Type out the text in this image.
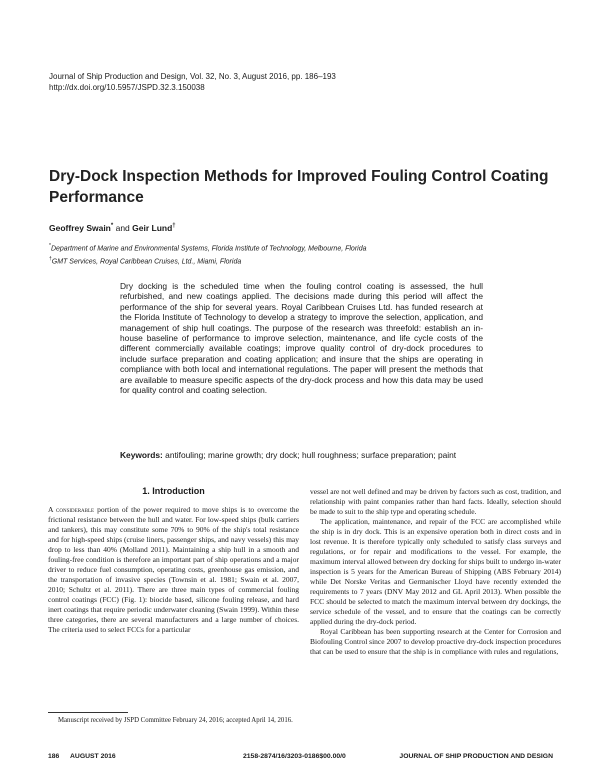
Journal of Ship Production and Design, Vol. 32, No. 3, August 2016, pp. 186–193
http://dx.doi.org/10.5957/JSPD.32.3.150038
Dry-Dock Inspection Methods for Improved Fouling Control Coating Performance
Geoffrey Swain* and Geir Lund†
*Department of Marine and Environmental Systems, Florida Institute of Technology, Melbourne, Florida
†GMT Services, Royal Caribbean Cruises, Ltd., Miami, Florida

Dry docking is the scheduled time when the fouling control coating is assessed, the hull refurbished, and new coatings applied. The decisions made during this period will affect the performance of the ship for several years. Royal Caribbean Cruises Ltd. has funded research at the Florida Institute of Technology to develop a strategy to improve the selection, application, and management of ship hull coatings. The purpose of the research was threefold: establish an in-house baseline of performance to improve selection, maintenance, and life cycle costs of the different commercially available coatings; improve quality control of dry-dock procedures to include surface preparation and coating application; and insure that the ships are operating in compliance with both local and international regulations. The paper will present the methods that are available to measure specific aspects of the dry-dock process and how this data may be used for quality control and coating selection.

Keywords: antifouling; marine growth; dry dock; hull roughness; surface preparation; paint

1. Introduction

A considerable portion of the power required to move ships is to overcome the frictional resistance between the hull and water. For low-speed ships (bulk carriers and tankers), this may constitute some 70% to 90% of the ship's total resistance and for high-speed ships (cruise liners, passenger ships, and navy vessels) this may drop to less than 40% (Molland 2011). Maintaining a ship hull in a smooth and fouling-free condition is therefore an important part of ship operations and a major driver to reduce fuel consumption, operating costs, greenhouse gas emission, and the transportation of invasive species (Townsin et al. 1981; Swain et al. 2007, 2010; Schultz et al. 2011). There are three main types of commercial fouling control coatings (FCC) (Fig. 1): biocide based, silicone fouling release, and hard inert coatings that require periodic underwater cleaning (Swain 1999). Within these three categories, there are several manufacturers and a large number of choices. The criteria used to select FCCs for a particular

vessel are not well defined and may be driven by factors such as cost, tradition, and relationship with paint companies rather than hard facts. Ideally, selection should be made to suit to the ship type and operating schedule.

The application, maintenance, and repair of the FCC are accomplished while the ship is in dry dock. This is an expensive operation both in direct costs and in lost revenue. It is therefore typically only scheduled to satisfy class surveys and regulations, or for repair and modifications to the vessel. For example, the maximum interval allowed between dry docking for ships built to undergo in-water inspection is 5 years for the American Bureau of Shipping (ABS February 2014) while Det Norske Veritas and Germanischer Lloyd have recently extended the requirements to 7 years (DNV May 2012 and GL April 2013). When possible the FCC should be selected to match the maximum interval between dry dockings, the service schedule of the vessel, and to ensure that the coatings can be correctly applied during the dry-dock period.

Royal Caribbean has been supporting research at the Center for Corrosion and Biofouling Control since 2007 to develop proactive dry-dock inspection procedures that can be used to ensure that the ship is in compliance with rules and regulations,

Manuscript received by JSPD Committee February 24, 2016; accepted April 14, 2016.
186 AUGUST 2016	2158-2874/16/3203-0186$00.00/0	JOURNAL OF SHIP PRODUCTION AND DESIGN
